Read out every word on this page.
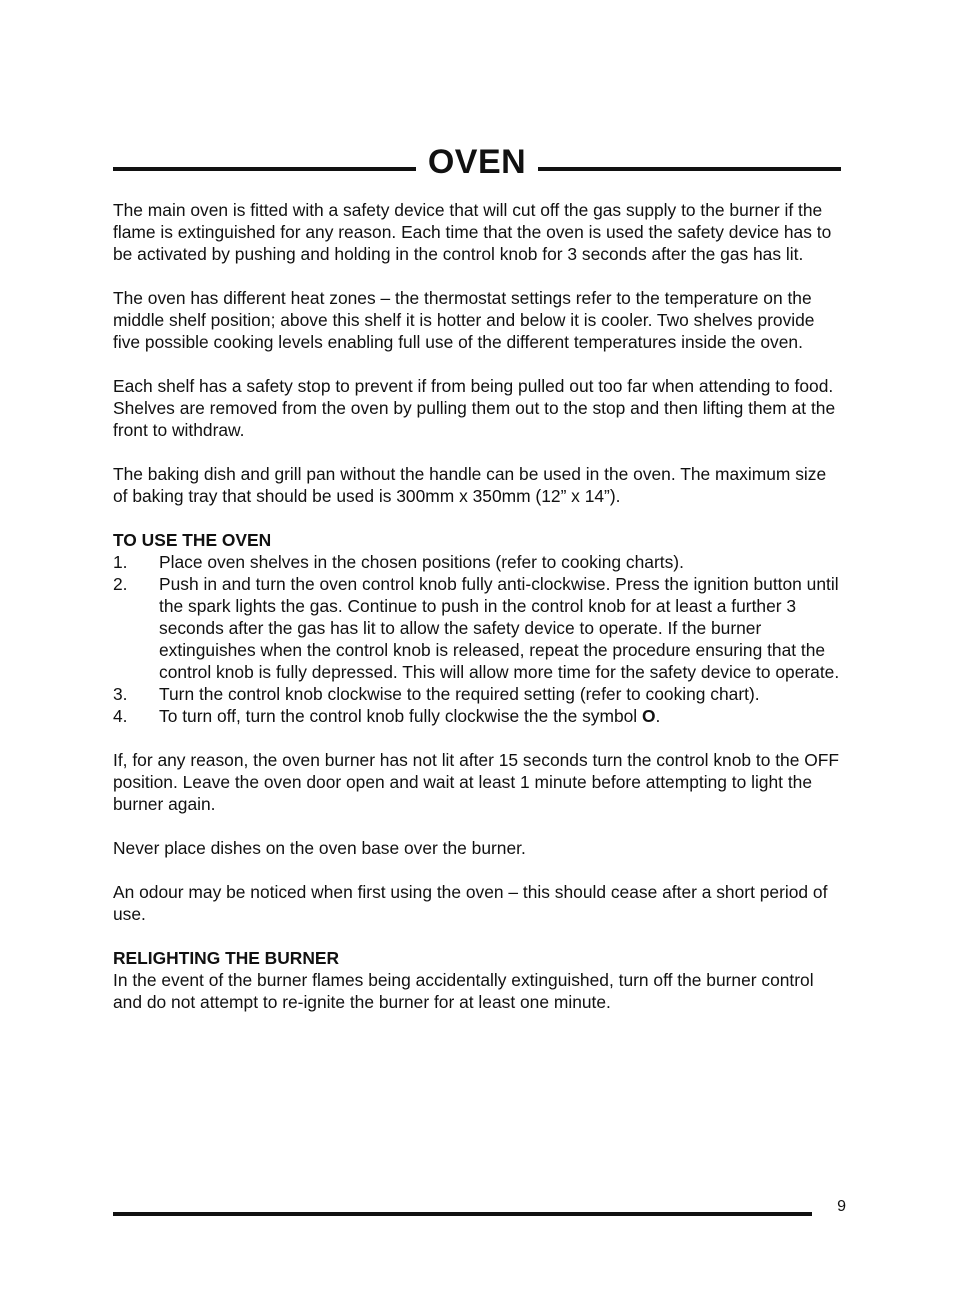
OVEN

The main oven is fitted with a safety device that will cut off the gas supply to the burner if the flame is extinguished for any reason. Each time that the oven is used the safety device has to be activated by pushing and holding in the control knob for 3 seconds after the gas has lit.

The oven has different heat zones – the thermostat settings refer to the temperature on the middle shelf position; above this shelf it is hotter and below it is cooler. Two shelves provide five possible cooking levels enabling full use of the different temperatures inside the oven.

Each shelf has a safety stop to prevent if from being pulled out too far when attending to food. Shelves are removed from the oven by pulling them out to the stop and then lifting them at the front to withdraw.

The baking dish and grill pan without the handle can be used in the oven. The maximum size of baking tray that should be used is 300mm x 350mm (12” x 14”).

TO USE THE OVEN

1.	Place oven shelves in the chosen positions (refer to cooking charts).
2.	Push in and turn the oven control knob fully anti-clockwise. Press the ignition button until the spark lights the gas. Continue to push in the control knob for at least a further 3 seconds after the gas has lit to allow the safety device to operate. If the burner extinguishes when the control knob is released, repeat the procedure ensuring that the control knob is fully depressed. This will allow more time for the safety device to operate.
3.	Turn the control knob clockwise to the required setting (refer to cooking chart).
4.	To turn off, turn the control knob fully clockwise the the symbol O.

If, for any reason, the oven burner has not lit after 15 seconds turn the control knob to the OFF position. Leave the oven door open and wait at least 1 minute before attempting to light the burner again.

Never place dishes on the oven base over the burner.

An odour may be noticed when first using the oven – this should cease after a short period of use.

RELIGHTING THE BURNER

In the event of the burner flames being accidentally extinguished, turn off the burner control and do not attempt to re-ignite the burner for at least one minute.

9
